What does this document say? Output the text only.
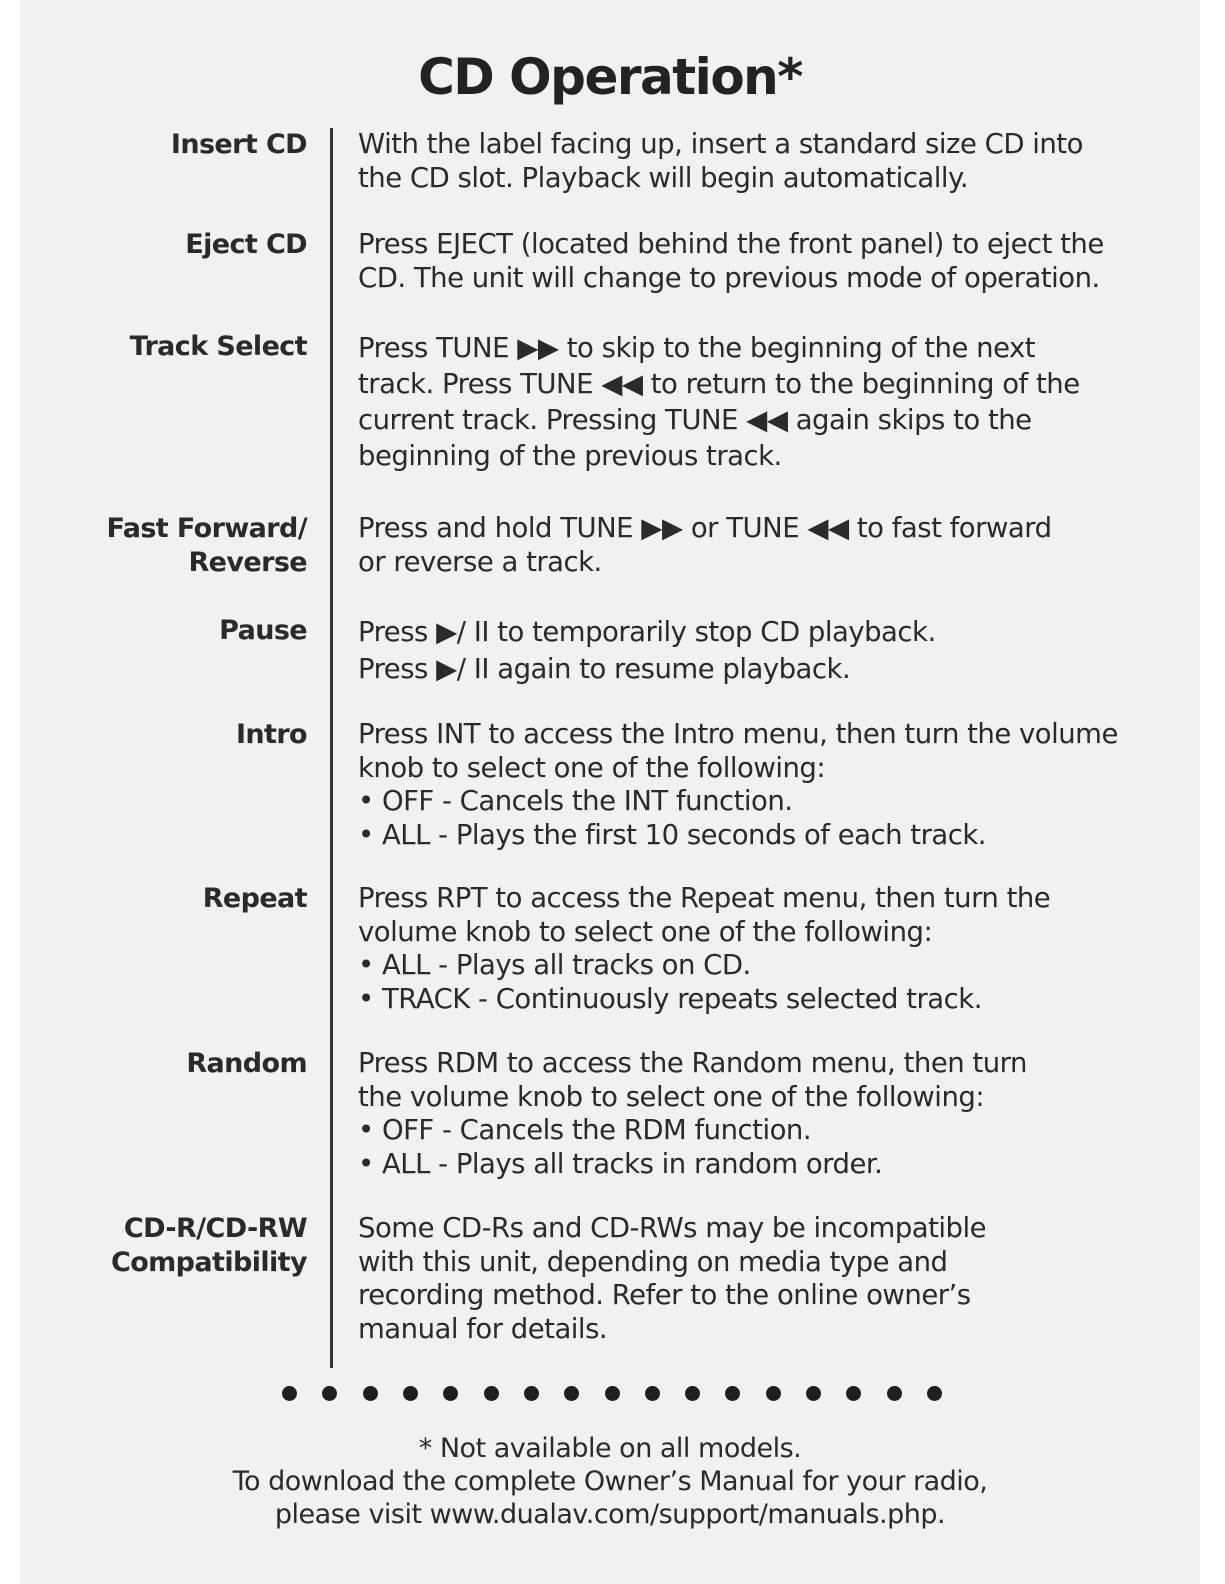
CD Operation*
Insert CD With the label facing up, insert a standard size CD into
the CD slot. Playback will begin automatically.
Eject CD Press EJECT (located behind the front panel) to eject the
CD. The unit will change to previous mode of operation.
Track Select Press TUNE ▶▶ to skip to the beginning of the next
track. Press TUNE ◀◀ to return to the beginning of the
current track. Pressing TUNE ◀◀ again skips to the
beginning of the previous track.
Fast Forward/
Reverse
Press and hold TUNE ▶▶ or TUNE ◀◀ to fast forward
or reverse a track.
Pause Press ▶/ II to temporarily stop CD playback.
Press ▶/ II again to resume playback.
Intro Press INT to access the Intro menu, then turn the volume
knob to select one of the following:
• OFF - Cancels the INT function.
• ALL - Plays the first 10 seconds of each track.
Repeat Press RPT to access the Repeat menu, then turn the
volume knob to select one of the following:
• ALL - Plays all tracks on CD.
• TRACK - Continuously repeats selected track.
Random Press RDM to access the Random menu, then turn
the volume knob to select one of the following:
• OFF - Cancels the RDM function.
• ALL - Plays all tracks in random order.
CD-R/CD-RW
Compatibility
Some CD-Rs and CD-RWs may be incompatible
with this unit, depending on media type and
recording method. Refer to the online owner’s
manual for details.
* Not available on all models.
To download the complete Owner’s Manual for your radio,
please visit www.dualav.com/support/manuals.php.
